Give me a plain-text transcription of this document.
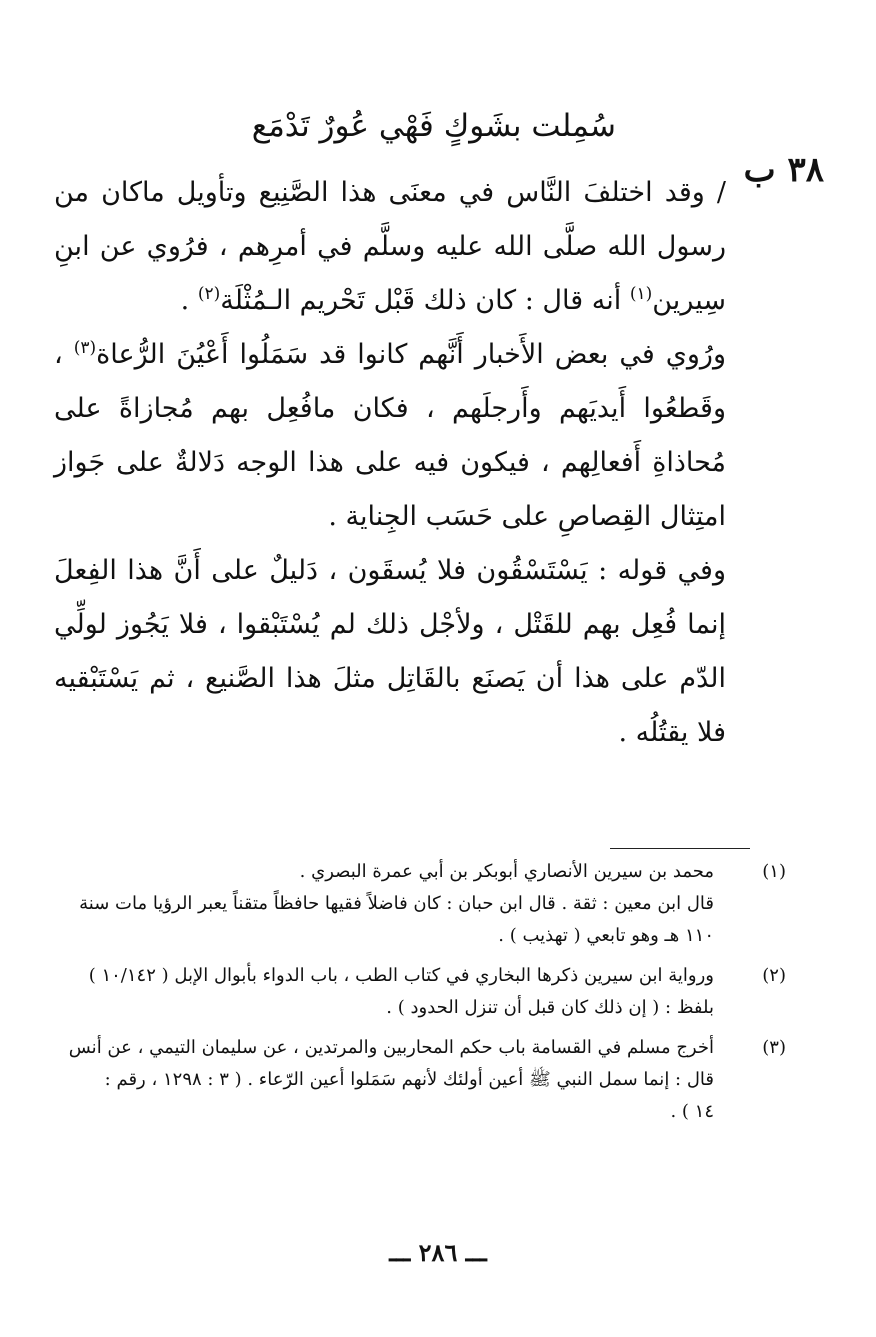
٣٨ ب
سُمِلت بشَوكٍ فَهْي عُورٌ تَدْمَع

/ وقد اختلفَ النَّاس في معنَى هذا الصَّنِيع وتأويل ماكان من رسول الله صلَّى الله عليه وسلَّم في أمرِهم ، فرُوي عن ابنِ سِيرين$^{(١)}$ أنه قال : كان ذلك قَبْل تَحْريم الـمُثْلَة$^{(٢)}$ .

ورُوي في بعض الأَخبار أَنَّهم كانوا قد سَمَلُوا أَعْيُنَ الرُّعاة$^{(٣)}$ ، وقَطعُوا أَيديَهم وأَرجلَهم ، فكان مافُعِل بهم مُجازاةً على مُحاذاةِ أَفعالِهم ، فيكون فيه على هذا الوجه دَلالةٌ على جَواز امتِثال القِصاصِ على حَسَب الجِناية .

وفي قوله : يَسْتَسْقُون فلا يُسقَون ، دَليلٌ على أَنَّ هذا الفِعلَ إنما فُعِل بهم للقَتْل ، ولأجْل ذلك لم يُسْتَبْقوا ، فلا يَجُوز لولِّي الدّم على هذا أن يَصنَع بالقَاتِل مثلَ هذا الصَّنيع ، ثم يَسْتَبْقيه فلا يقتُلُه .

(١)
محمد بن سيرين الأنصاري أبوبكر بن أبي عمرة البصري .
قال ابن معين : ثقة . قال ابن حبان : كان فاضلاً فقيها حافظاً متقناً يعبر الرؤيا مات سنة
١١٠ هـ وهو تابعي ( تهذيب ) .
(٢)
ورواية ابن سيرين ذكرها البخاري في كتاب الطب ، باب الدواء بأبوال الإبل ( ١٠/١٤٢ )
بلفظ : ( إن ذلك كان قبل أن تنزل الحدود ) .
(٣)
أخرج مسلم في القسامة باب حكم المحاربين والمرتدين ، عن سليمان التيمي ، عن أنس
قال : إنما سمل النبي ﷺ أعين أولئك لأنهم سَمَلوا أعين الرّعاء . ( ٣ : ١٢٩٨ ، رقم :
١٤ ) .
ـــ ٢٨٦ ـــ
